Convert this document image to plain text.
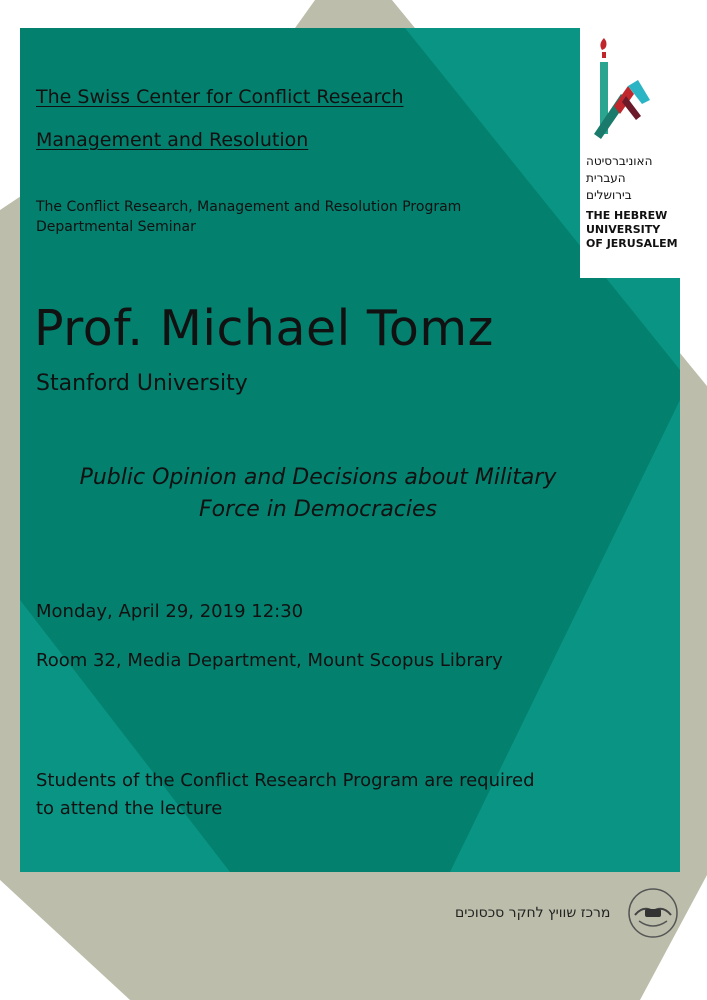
The Swiss Center for Conflict Research
Management and Resolution
The Conflict Research, Management and Resolution Program
Departmental Seminar
Prof. Michael Tomz
Stanford University
Public Opinion and Decisions about Military
Force in Democracies
Monday, April 29, 2019 12:30
Room 32, Media Department, Mount Scopus Library
Students of the Conflict Research Program are required
to attend the lecture
האוניברסיטה
העברית
בירושלים
THE HEBREW
UNIVERSITY
OF JERUSALEM
מרכז שוויץ לחקר סכסוכים
